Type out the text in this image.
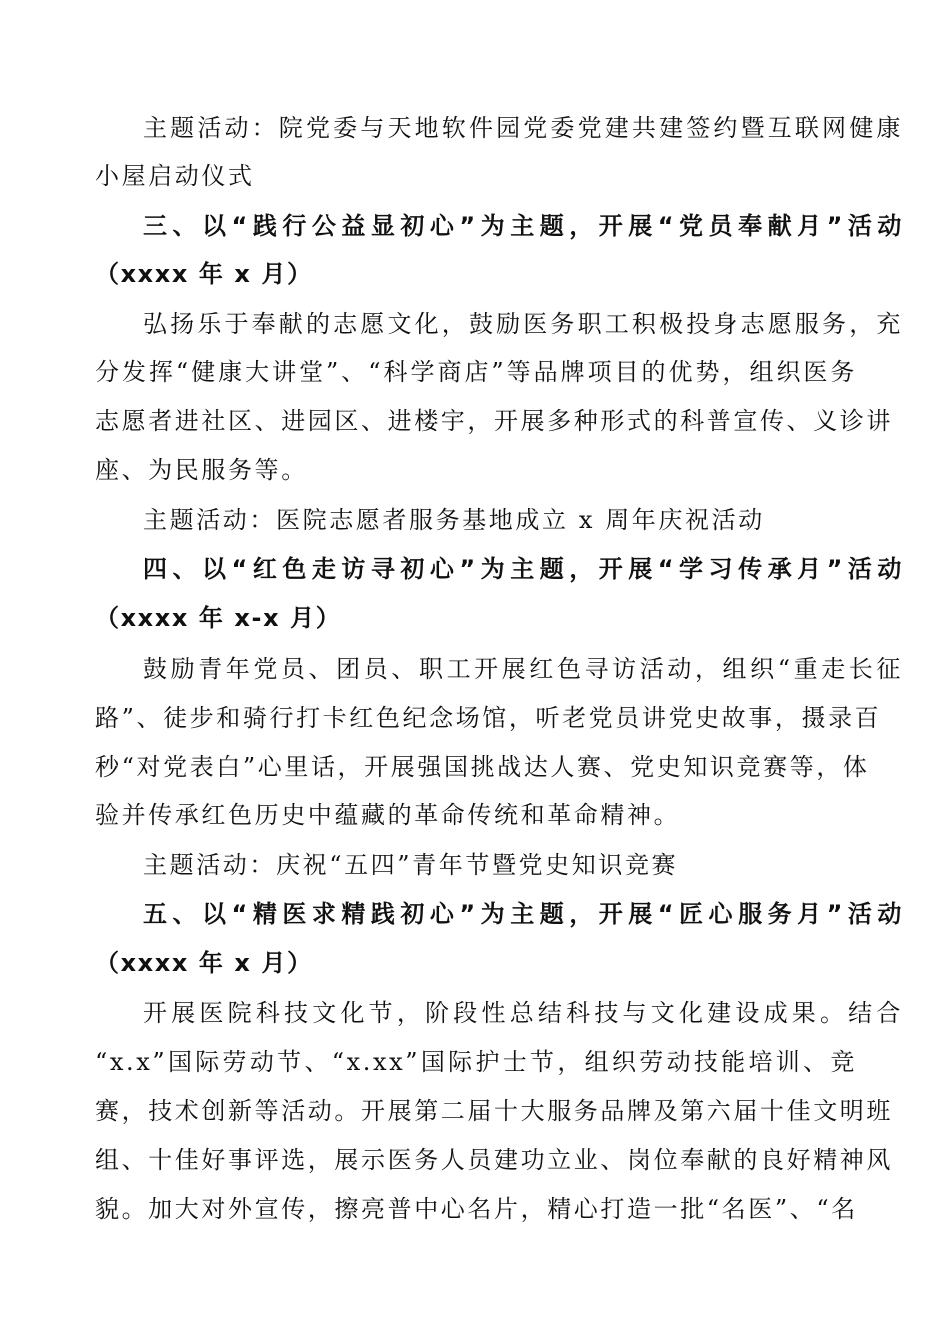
主题活动：院党委与天地软件园党委党建共建签约暨互联网健康
小屋启动仪式
三、以“践行公益显初心”为主题，开展“党员奉献月”活动
（xxxx 年 x 月）
弘扬乐于奉献的志愿文化，鼓励医务职工积极投身志愿服务，充
分发挥“健康大讲堂”、“科学商店”等品牌项目的优势，组织医务
志愿者进社区、进园区、进楼宇，开展多种形式的科普宣传、义诊讲
座、为民服务等。
主题活动：医院志愿者服务基地成立 x 周年庆祝活动
四、以“红色走访寻初心”为主题，开展“学习传承月”活动
（xxxx 年 x-x 月）
鼓励青年党员、团员、职工开展红色寻访活动，组织“重走长征
路”、徒步和骑行打卡红色纪念场馆，听老党员讲党史故事，摄录百
秒“对党表白”心里话，开展强国挑战达人赛、党史知识竞赛等，体
验并传承红色历史中蕴藏的革命传统和革命精神。
主题活动：庆祝“五四”青年节暨党史知识竞赛
五、以“精医求精践初心”为主题，开展“匠心服务月”活动
（xxxx 年 x 月）
开展医院科技文化节，阶段性总结科技与文化建设成果。结合
“x.x”国际劳动节、“x.xx”国际护士节，组织劳动技能培训、竞
赛，技术创新等活动。开展第二届十大服务品牌及第六届十佳文明班
组、十佳好事评选，展示医务人员建功立业、岗位奉献的良好精神风
貌。加大对外宣传，擦亮普中心名片，精心打造一批“名医”、“名
